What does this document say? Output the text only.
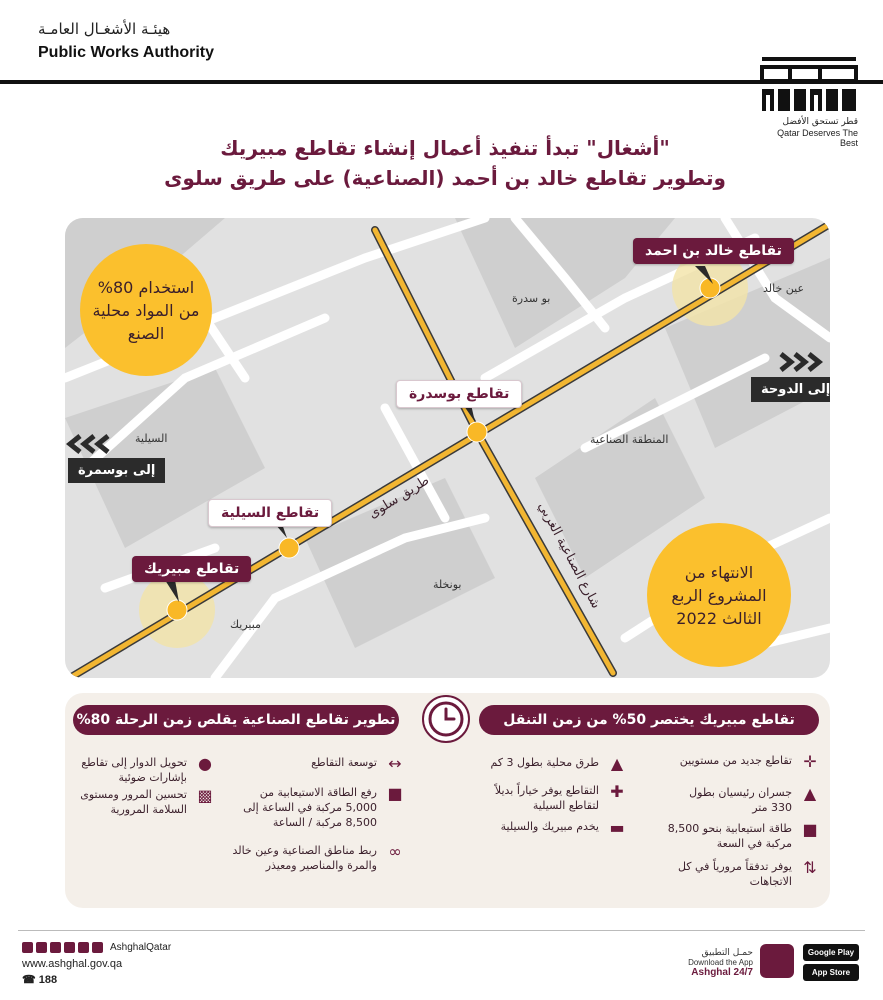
هيئـة الأشغـال العامـة
Public Works Authority
قطر تستحق الأفضل
Qatar Deserves The Best
"أشغال" تبدأ تنفيذ أعمال إنشاء تقاطع مبيريك
وتطوير تقاطع خالد بن أحمد (الصناعية) على طريق سلوى
بو سدرة
عين خالد
السيلية	المنطقة الصناعية
بونخلة
مبيريك
طريق سلوى
شارع الصناعية الغربي
تقاطع خالد بن احمد
تقاطع بوسدرة
تقاطع السيلية
تقاطع مبيريك
إلى الدوحة
إلى بوسمرة
استخدام 80% من المواد محلية الصنع
الانتهاء من المشروع الربع الثالث 2022
تطوير تقاطع الصناعية يقلص زمن الرحلة 80%	تقاطع مبيريك يختصر 50% من زمن التنقل
●
تحويل الدوار إلى تقاطع بإشارات ضوئية
▩
تحسين المرور ومستوى السلامة المرورية
↔
توسعة التقاطع
■
رفع الطاقة الاستيعابية من 5,000 مركبة في الساعة إلى 8,500 مركبة / الساعة
∞
ربط مناطق الصناعية وعين خالد والمرة والمناصير ومعيذر
▲
طرق محلية بطول 3 كم
✚
التقاطع يوفر خياراً بديلاً لتقاطع السيلية
▬
يخدم مبيريك والسيلية
✛
تقاطع جديد من مستويين
▲
جسران رئيسيان بطول 330 متر
■
طاقة استيعابية بنحو 8,500 مركبة في السعة
⇅
يوفر تدفقاً مرورياً في كل الاتجاهات
AshghalQatar
www.ashghal.gov.qa
☎ 188
حمـل التطبيق
Download the App
Ashghal 24/7
Google Play
App Store
